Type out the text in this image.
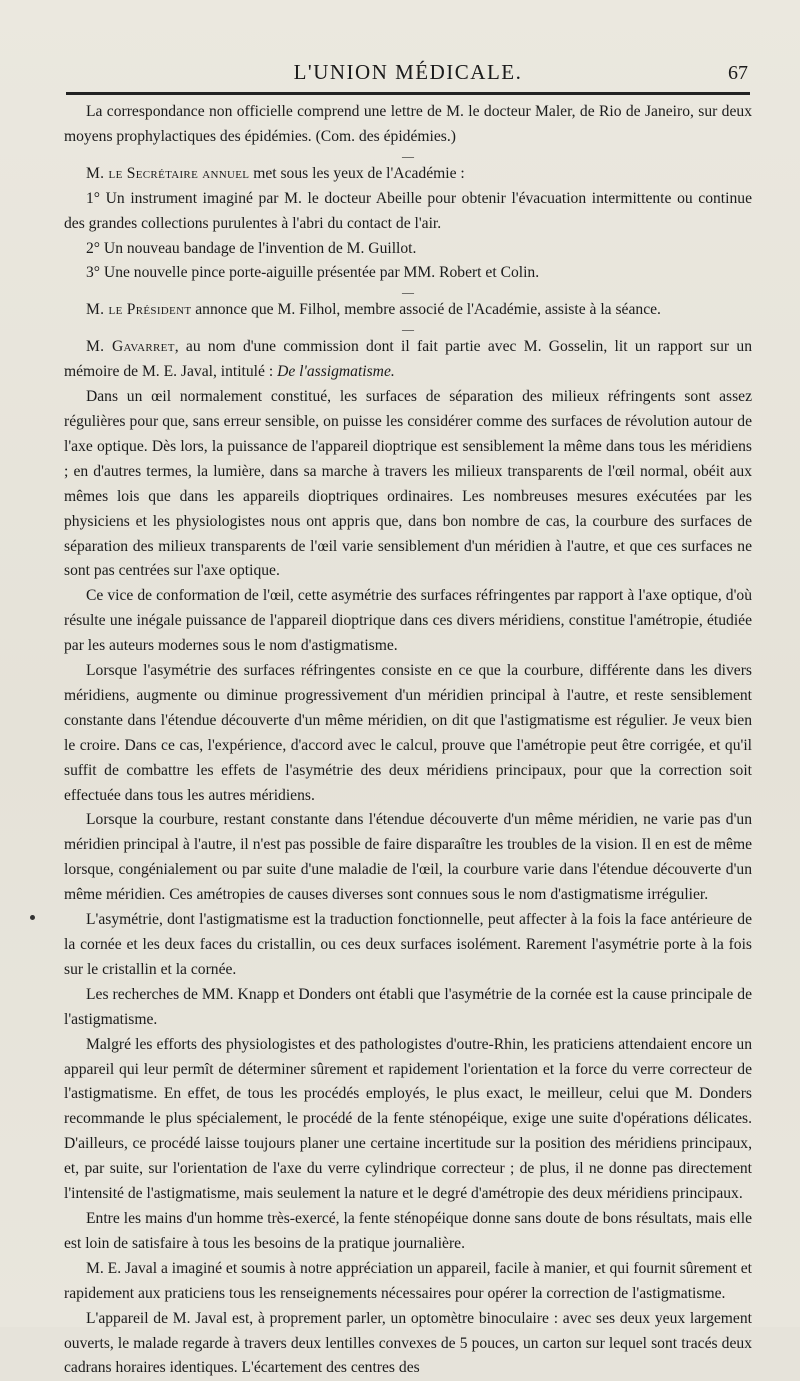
L'UNION MÉDICALE.	67

La correspondance non officielle comprend une lettre de M. le docteur Maler, de Rio de Janeiro, sur deux moyens prophylactiques des épidémies. (Com. des épidémies.)

—

M. le Secrétaire annuel met sous les yeux de l'Académie :

1° Un instrument imaginé par M. le docteur Abeille pour obtenir l'évacuation intermittente ou continue des grandes collections purulentes à l'abri du contact de l'air.

2° Un nouveau bandage de l'invention de M. Guillot.

3° Une nouvelle pince porte-aiguille présentée par MM. Robert et Colin.

—

M. le Président annonce que M. Filhol, membre associé de l'Académie, assiste à la séance.

—

M. Gavarret, au nom d'une commission dont il fait partie avec M. Gosselin, lit un rapport sur un mémoire de M. E. Javal, intitulé : De l'assigmatisme.

Dans un œil normalement constitué, les surfaces de séparation des milieux réfringents sont assez régulières pour que, sans erreur sensible, on puisse les considérer comme des surfaces de révolution autour de l'axe optique. Dès lors, la puissance de l'appareil dioptrique est sensiblement la même dans tous les méridiens ; en d'autres termes, la lumière, dans sa marche à travers les milieux transparents de l'œil normal, obéit aux mêmes lois que dans les appareils dioptriques ordinaires. Les nombreuses mesures exécutées par les physiciens et les physiologistes nous ont appris que, dans bon nombre de cas, la courbure des surfaces de séparation des milieux transparents de l'œil varie sensiblement d'un méridien à l'autre, et que ces surfaces ne sont pas centrées sur l'axe optique.

Ce vice de conformation de l'œil, cette asymétrie des surfaces réfringentes par rapport à l'axe optique, d'où résulte une inégale puissance de l'appareil dioptrique dans ces divers méridiens, constitue l'amétropie, étudiée par les auteurs modernes sous le nom d'astigmatisme.

Lorsque l'asymétrie des surfaces réfringentes consiste en ce que la courbure, différente dans les divers méridiens, augmente ou diminue progressivement d'un méridien principal à l'autre, et reste sensiblement constante dans l'étendue découverte d'un même méridien, on dit que l'astigmatisme est régulier. Je veux bien le croire. Dans ce cas, l'expérience, d'accord avec le calcul, prouve que l'amétropie peut être corrigée, et qu'il suffit de combattre les effets de l'asymétrie des deux méridiens principaux, pour que la correction soit effectuée dans tous les autres méridiens.

Lorsque la courbure, restant constante dans l'étendue découverte d'un même méridien, ne varie pas d'un méridien principal à l'autre, il n'est pas possible de faire disparaître les troubles de la vision. Il en est de même lorsque, congénialement ou par suite d'une maladie de l'œil, la courbure varie dans l'étendue découverte d'un même méridien. Ces amétropies de causes diverses sont connues sous le nom d'astigmatisme irrégulier.

L'asymétrie, dont l'astigmatisme est la traduction fonctionnelle, peut affecter à la fois la face antérieure de la cornée et les deux faces du cristallin, ou ces deux surfaces isolément. Rarement l'asymétrie porte à la fois sur le cristallin et la cornée.

Les recherches de MM. Knapp et Donders ont établi que l'asymétrie de la cornée est la cause principale de l'astigmatisme.

Malgré les efforts des physiologistes et des pathologistes d'outre-Rhin, les praticiens attendaient encore un appareil qui leur permît de déterminer sûrement et rapidement l'orientation et la force du verre correcteur de l'astigmatisme. En effet, de tous les procédés employés, le plus exact, le meilleur, celui que M. Donders recommande le plus spécialement, le procédé de la fente sténopéique, exige une suite d'opérations délicates. D'ailleurs, ce procédé laisse toujours planer une certaine incertitude sur la position des méridiens principaux, et, par suite, sur l'orientation de l'axe du verre cylindrique correcteur ; de plus, il ne donne pas directement l'intensité de l'astigmatisme, mais seulement la nature et le degré d'amétropie des deux méridiens principaux.

Entre les mains d'un homme très-exercé, la fente sténopéique donne sans doute de bons résultats, mais elle est loin de satisfaire à tous les besoins de la pratique journalière.

M. E. Javal a imaginé et soumis à notre appréciation un appareil, facile à manier, et qui fournit sûrement et rapidement aux praticiens tous les renseignements nécessaires pour opérer la correction de l'astigmatisme.

L'appareil de M. Javal est, à proprement parler, un optomètre binoculaire : avec ses deux yeux largement ouverts, le malade regarde à travers deux lentilles convexes de 5 pouces, un carton sur lequel sont tracés deux cadrans horaires identiques. L'écartement des centres des
